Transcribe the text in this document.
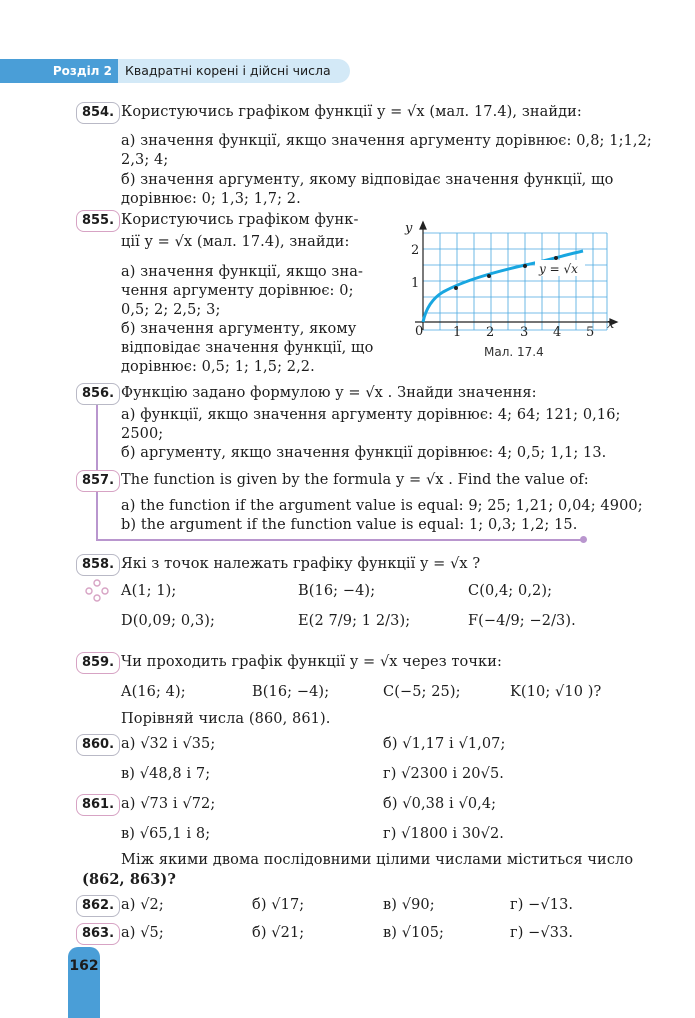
Розділ 2	Квадратні корені і дійсні числа
854. Користуючись графіком функції y = √x (мал. 17.4), знайди:
а) значення функції, якщо значення аргументу дорівнює: 0,8; 1;1,2;
2,3; 4;
б) значення аргументу, якому відповідає значення функції, що
дорівнює: 0; 1,3; 1,7; 2.
855. Користуючись графіком функ-
ції y = √x (мал. 17.4), знайди:
а) значення функції, якщо зна-
чення аргументу дорівнює: 0;
0,5; 2; 2,5; 3;
б) значення аргументу, якому
відповідає значення функції, що
дорівнює: 0,5; 1; 1,5; 2,2.
y
x
0 1 2 3 4 5
1
2
y = √x
Мал. 17.4
856. Функцію задано формулою y = √x . Знайди значення:
а) функції, якщо значення аргументу дорівнює: 4; 64; 121; 0,16;
2500;
б) аргументу, якщо значення функції дорівнює: 4; 0,5; 1,1; 13.
857. The function is given by the formula y = √x . Find the value of:
a) the function if the argument value is equal: 9; 25; 1,21; 0,04; 4900;
b) the argument if the function value is equal: 1; 0,3; 1,2; 15.
858. Які з точок належать графіку функції y = √x ?
A(1; 1);	B(16; −4);	C(0,4; 0,2);
D(0,09; 0,3);	E(2 7/9; 1 2/3);	F(−4/9; −2/3).
859. Чи проходить графік функції y = √x через точки:
A(16; 4);	B(16; −4);	C(−5; 25);	K(10; √10 )?
Порівняй числа (860, 861).
860. а) √32 і √35;	б) √1,17 і √1,07;
в) √48,8 і 7;	г) √2300 і 20√5.
861. а) √73 і √72;	б) √0,38 і √0,4;
в) √65,1 і 8;	г) √1800 і 30√2.
Між якими двома послідовними цілими числами міститься число
(862, 863)?
862. а) √2;	б) √17;	в) √90;	г) −√13.
863. а) √5;	б) √21;	в) √105;	г) −√33.
162
